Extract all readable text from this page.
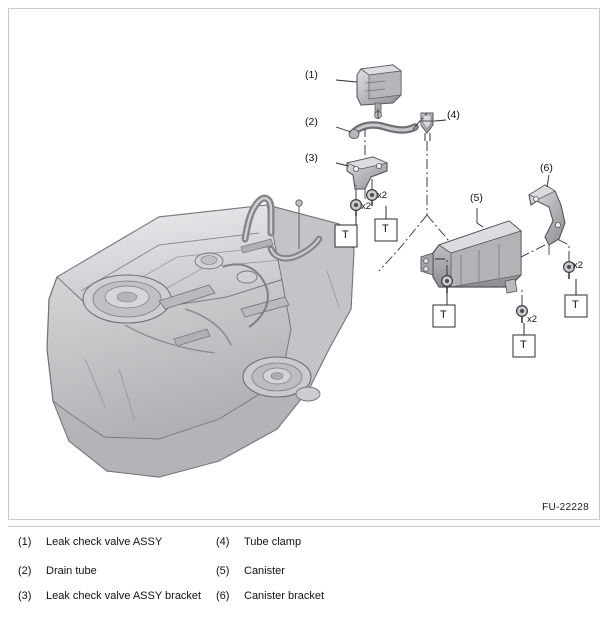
(1)
(2)
(3)
(4)
(5)
(6)
T	T
T
T
T
x2
x2
x2
x2
FU-22228
(1)	Leak check valve ASSY
(2)	Drain tube
(3)	Leak check valve ASSY bracket
(4)	Tube clamp
(5)	Canister
(6)	Canister bracket
